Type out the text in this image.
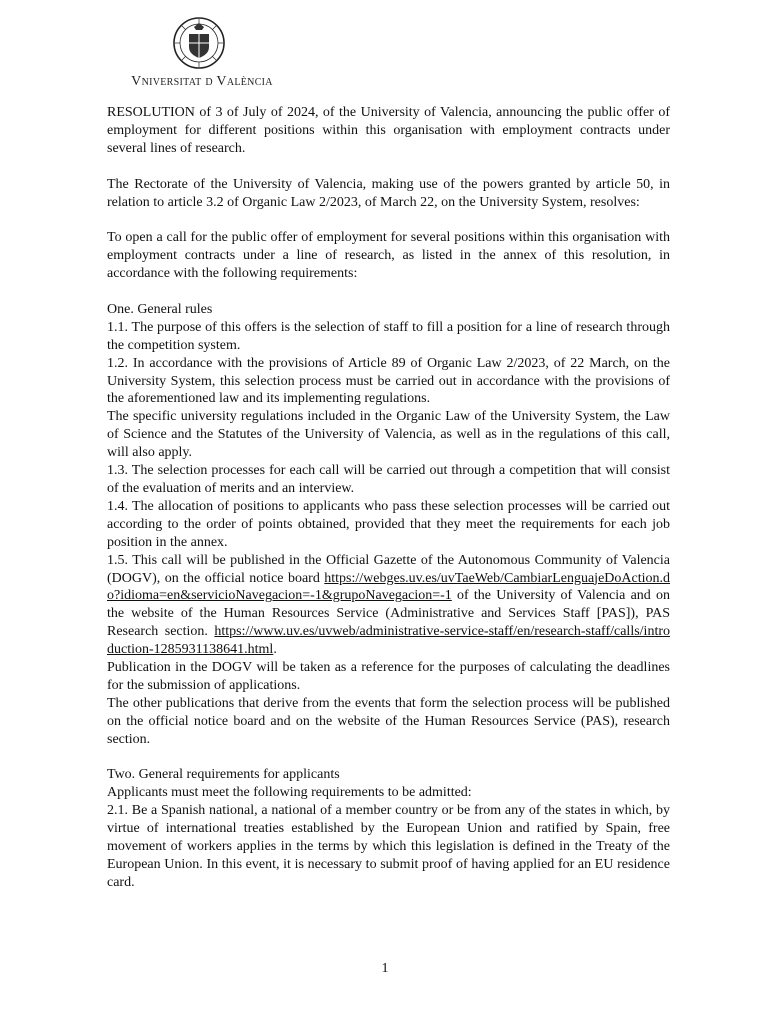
Vniversitat d València

RESOLUTION of 3 of July of 2024, of the University of Valencia, announcing the public offer of employment for different positions within this organisation with employment contracts under several lines of research.

The Rectorate of the University of Valencia, making use of the powers granted by article 50, in relation to article 3.2 of Organic Law 2/2023, of March 22, on the University System, resolves:

To open a call for the public offer of employment for several positions within this organisation with employment contracts under a line of research, as listed in the annex of this resolution, in accordance with the following requirements:

One. General rules

1.1. The purpose of this offers is the selection of staff to fill a position for a line of research through the competition system.

1.2. In accordance with the provisions of Article 89 of Organic Law 2/2023, of 22 March, on the University System, this selection process must be carried out in accordance with the provisions of the aforementioned law and its implementing regulations.

The specific university regulations included in the Organic Law of the University System, the Law of Science and the Statutes of the University of Valencia, as well as in the regulations of this call, will also apply.

1.3. The selection processes for each call will be carried out through a competition that will consist of the evaluation of merits and an interview.

1.4. The allocation of positions to applicants who pass these selection processes will be carried out according to the order of points obtained, provided that they meet the requirements for each job position in the annex.

1.5. This call will be published in the Official Gazette of the Autonomous Community of Valencia (DOGV), on the official notice board https://webges.uv.es/uvTaeWeb/CambiarLenguajeDoAction.do?idioma=en&servicioNavegacion=-1&grupoNavegacion=-1 of the University of Valencia and on the website of the Human Resources Service (Administrative and Services Staff [PAS]), PAS Research section. https://www.uv.es/uvweb/administrative-service-staff/en/research-staff/calls/introduction-1285931138641.html.

Publication in the DOGV will be taken as a reference for the purposes of calculating the deadlines for the submission of applications.

The other publications that derive from the events that form the selection process will be published on the official notice board and on the website of the Human Resources Service (PAS), research section.

Two. General requirements for applicants

Applicants must meet the following requirements to be admitted:

2.1. Be a Spanish national, a national of a member country or be from any of the states in which, by virtue of international treaties established by the European Union and ratified by Spain, free movement of workers applies in the terms by which this legislation is defined in the Treaty of the European Union. In this event, it is necessary to submit proof of having applied for an EU residence card.

1
